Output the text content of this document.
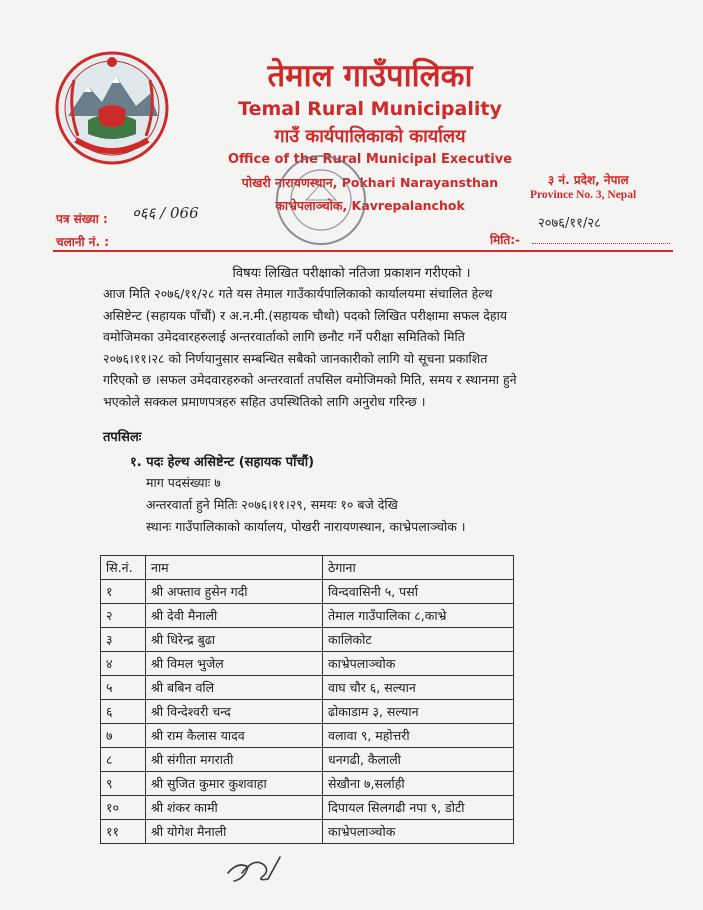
तेमाल गाउँपालिका
Temal Rural Municipality
गाउँ कार्यपालिकाको कार्यालय
Office of the Rural Municipal Executive
पोखरी नारायणस्थान, Pokhari Narayansthan
काभ्रेपलाञ्चोक, Kavrepalanchok
३ नं. प्रदेश, नेपाल
Province No. 3, Nepal
पत्र संख्या : ०६६ / 066
चलानी नं. :
२०७६/११/२८
मिति:-
विषयः लिखित परीक्षाको नतिजा प्रकाशन गरीएको ।

आज मिति २०७६/११/२८ गते यस तेमाल गाउँकार्यपालिकाको कार्यालयमा संचालित हेल्थ

असिष्टेन्ट (सहायक पाँचौं) र अ.न.मी.(सहायक चौथो) पदको लिखित परीक्षामा सफल देहाय

वमोजिमका उमेदवारहरुलाई अन्तरवार्ताको लागि छनौट गर्ने परीक्षा समितिको मिति

२०७६।११।२८ को निर्णयानुसार सम्बन्धित सबैको जानकारीको लागि यो सूचना प्रकाशित

गरिएको छ ।सफल उमेदवारहरुको अन्तरवार्ता तपसिल वमोजिमको मिति, समय र स्थानमा हुने

भएकोले सक्कल प्रमाणपत्रहरु सहित उपस्थितिको लागि अनुरोध गरिन्छ ।

तपसिलः
१. पदः हेल्थ असिष्टेन्ट (सहायक पाँचौं)
माग पदसंख्याः ७
अन्तरवार्ता हुने मितिः २०७६।११।२९, समयः १० बजे देखि
स्थानः गाउँपालिकाको कार्यालय, पोखरी नारायणस्थान, काभ्रेपलाञ्चोक ।
सि.नं.	नाम	ठेगाना
१	श्री अफ्ताव हुसेन गदी	विन्दवासिनी ५, पर्सा
२	श्री देवी मैनाली	तेमाल गाउँपालिका ८,काभ्रे
३	श्री धिरेन्द्र बुढा	कालिकोट
४	श्री विमल भुजेल	काभ्रेपलाञ्चोक
५	श्री बबिन वलि	वाघ चौर ६, सल्यान
६	श्री विन्देश्वरी चन्द	ढोकाडाम ३, सल्यान
७	श्री राम कैलास यादव	वलावा ९, महोत्तरी
८	श्री संगीता मगराती	धनगढी, कैलाली
९	श्री सुजित कुमार कुशवाहा	सेखौना ७,सर्लाही
१०	श्री शंकर कामी	दिपायल सिलगढी नपा ९, डोटी
११	श्री योगेश मैनाली	काभ्रेपलाञ्चोक
